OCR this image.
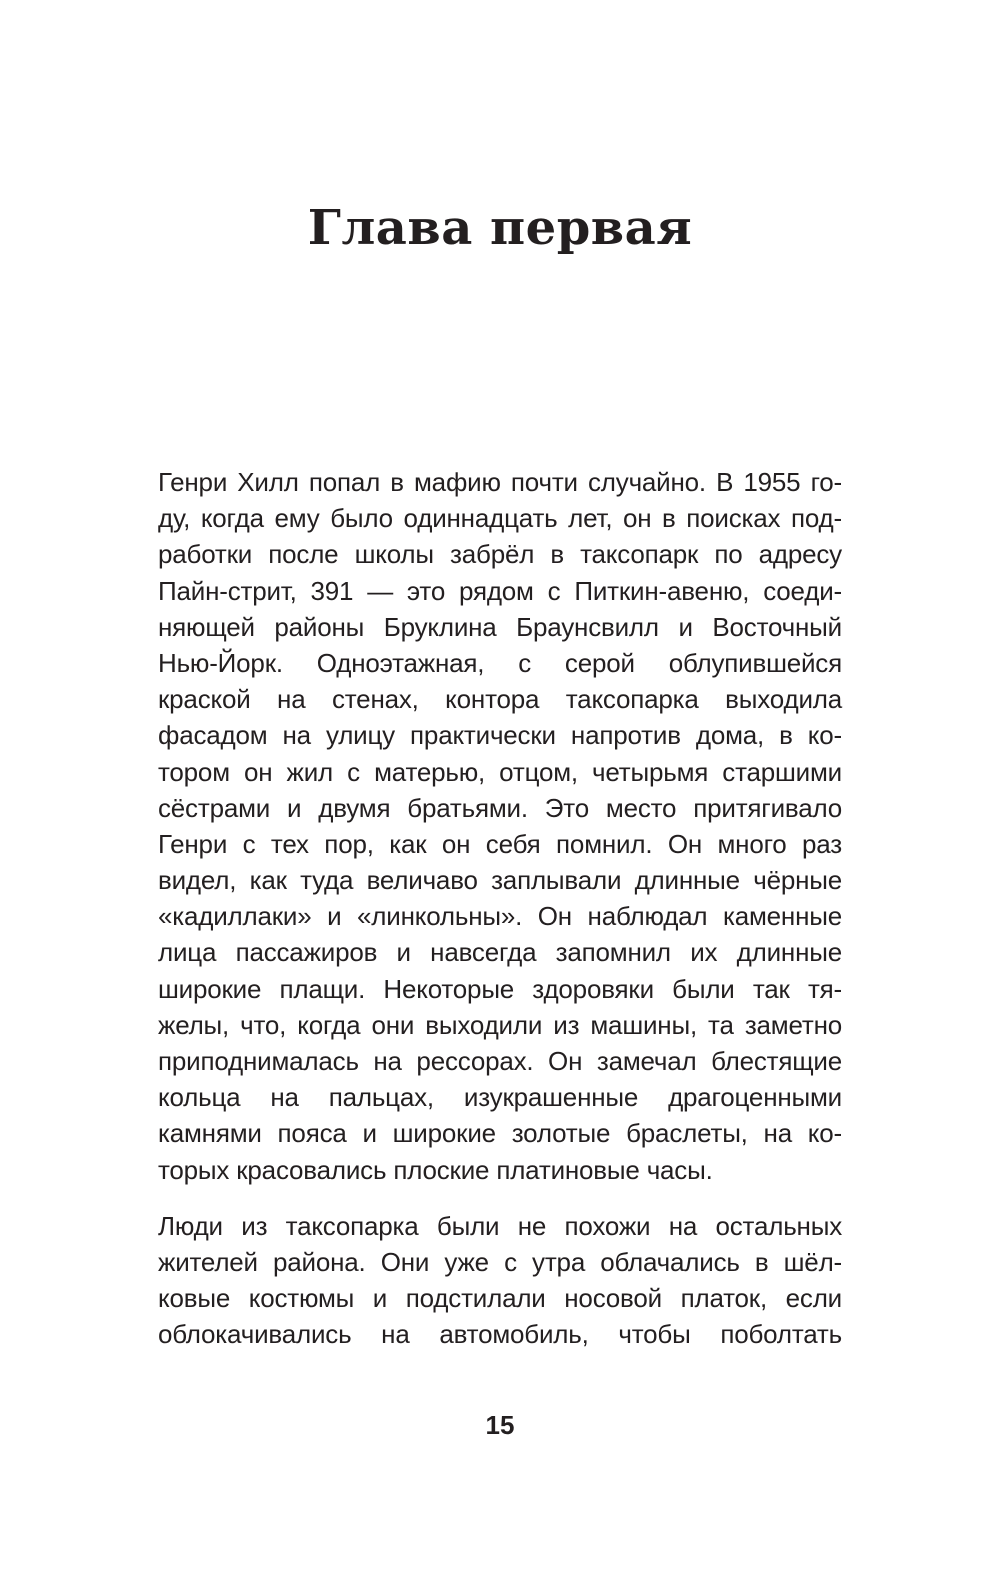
Глава первая
Генри Хилл попал в мафию почти случайно. В 1955 го-
ду, когда ему было одиннадцать лет, он в поисках под-
работки после школы забрёл в таксопарк по адресу
Пайн-стрит, 391 — это рядом с Питкин-авеню, соеди-
няющей районы Бруклина Браунсвилл и Восточный
Нью-Йорк. Одноэтажная, с серой облупившейся
краской на стенах, контора таксопарка выходила
фасадом на улицу практически напротив дома, в ко-
тором он жил с матерью, отцом, четырьмя старшими
сёстрами и двумя братьями. Это место притягивало
Генри с тех пор, как он себя помнил. Он много раз
видел, как туда величаво заплывали длинные чёрные
«кадиллаки» и «линкольны». Он наблюдал каменные
лица пассажиров и навсегда запомнил их длинные
широкие плащи. Некоторые здоровяки были так тя-
желы, что, когда они выходили из машины, та заметно
приподнималась на рессорах. Он замечал блестящие
кольца на пальцах, изукрашенные драгоценными
камнями пояса и широкие золотые браслеты, на ко-
торых красовались плоские платиновые часы.
Люди из таксопарка были не похожи на остальных
жителей района. Они уже с утра облачались в шёл-
ковые костюмы и подстилали носовой платок, если
облокачивались на автомобиль, чтобы поболтать
15
